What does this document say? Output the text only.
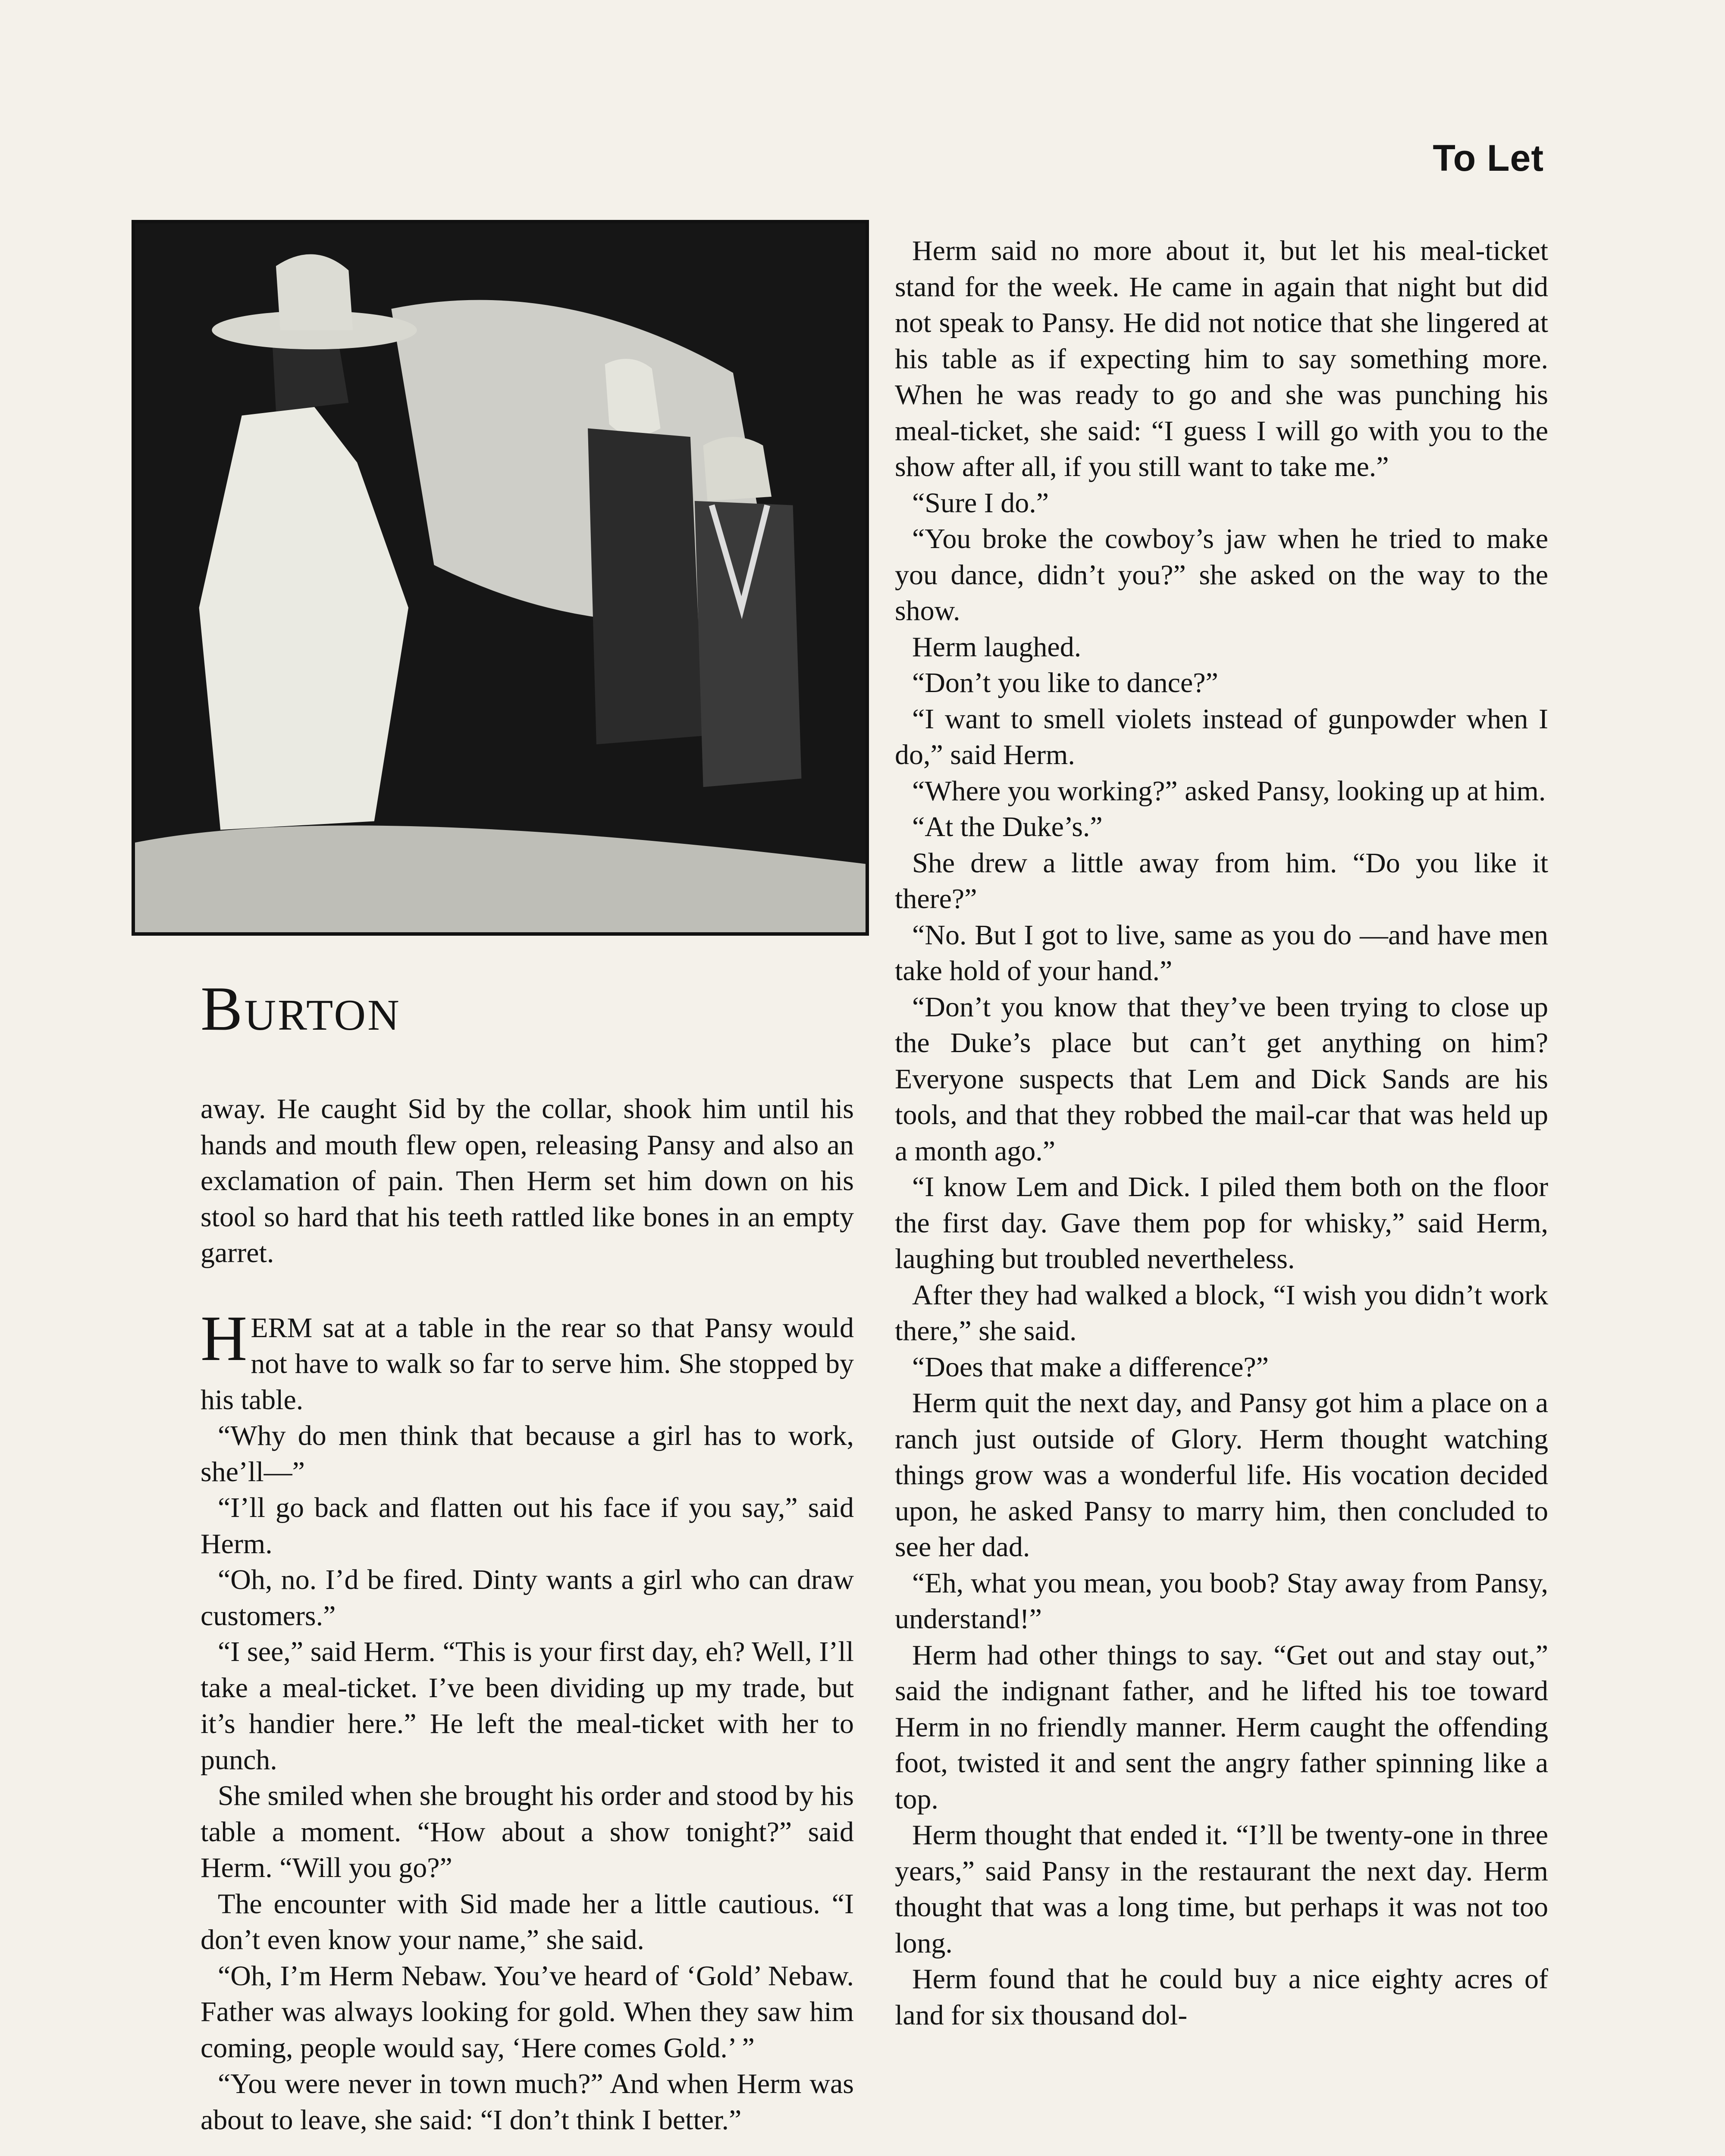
To Let
Burton

away. He caught Sid by the collar, shook him until his hands and mouth flew open, releasing Pansy and also an exclamation of pain. Then Herm set him down on his stool so hard that his teeth rattled like bones in an empty garret.

HERM sat at a table in the rear so that Pansy would not have to walk so far to serve him. She stopped by his table.

“Why do men think that because a girl has to work, she’ll—”

“I’ll go back and flatten out his face if you say,” said Herm.

“Oh, no. I’d be fired. Dinty wants a girl who can draw customers.”

“I see,” said Herm. “This is your first day, eh? Well, I’ll take a meal-ticket. I’ve been dividing up my trade, but it’s handier here.” He left the meal-ticket with her to punch.

She smiled when she brought his order and stood by his table a moment. “How about a show tonight?” said Herm. “Will you go?”

The encounter with Sid made her a little cautious. “I don’t even know your name,” she said.

“Oh, I’m Herm Nebaw. You’ve heard of ‘Gold’ Nebaw. Father was always looking for gold. When they saw him coming, people would say, ‘Here comes Gold.’ ”

“You were never in town much?” And when Herm was about to leave, she said: “I don’t think I better.”

Herm said no more about it, but let his meal-ticket stand for the week. He came in again that night but did not speak to Pansy. He did not notice that she lingered at his table as if expecting him to say something more. When he was ready to go and she was punching his meal-ticket, she said: “I guess I will go with you to the show after all, if you still want to take me.”

“Sure I do.”

“You broke the cowboy’s jaw when he tried to make you dance, didn’t you?” she asked on the way to the show.

Herm laughed.

“Don’t you like to dance?”

“I want to smell violets instead of gunpowder when I do,” said Herm.

“Where you working?” asked Pansy, looking up at him.

“At the Duke’s.”

She drew a little away from him. “Do you like it there?”

“No. But I got to live, same as you do —and have men take hold of your hand.”

“Don’t you know that they’ve been trying to close up the Duke’s place but can’t get anything on him? Everyone suspects that Lem and Dick Sands are his tools, and that they robbed the mail-car that was held up a month ago.”

“I know Lem and Dick. I piled them both on the floor the first day. Gave them pop for whisky,” said Herm, laughing but troubled nevertheless.

After they had walked a block, “I wish you didn’t work there,” she said.

“Does that make a difference?”

Herm quit the next day, and Pansy got him a place on a ranch just outside of Glory. Herm thought watching things grow was a wonderful life. His vocation decided upon, he asked Pansy to marry him, then concluded to see her dad.

“Eh, what you mean, you boob? Stay away from Pansy, understand!”

Herm had other things to say. “Get out and stay out,” said the indignant father, and he lifted his toe toward Herm in no friendly manner. Herm caught the offending foot, twisted it and sent the angry father spinning like a top.

Herm thought that ended it. “I’ll be twenty-one in three years,” said Pansy in the restaurant the next day. Herm thought that was a long time, but perhaps it was not too long.

Herm found that he could buy a nice eighty acres of land for six thousand dol-
